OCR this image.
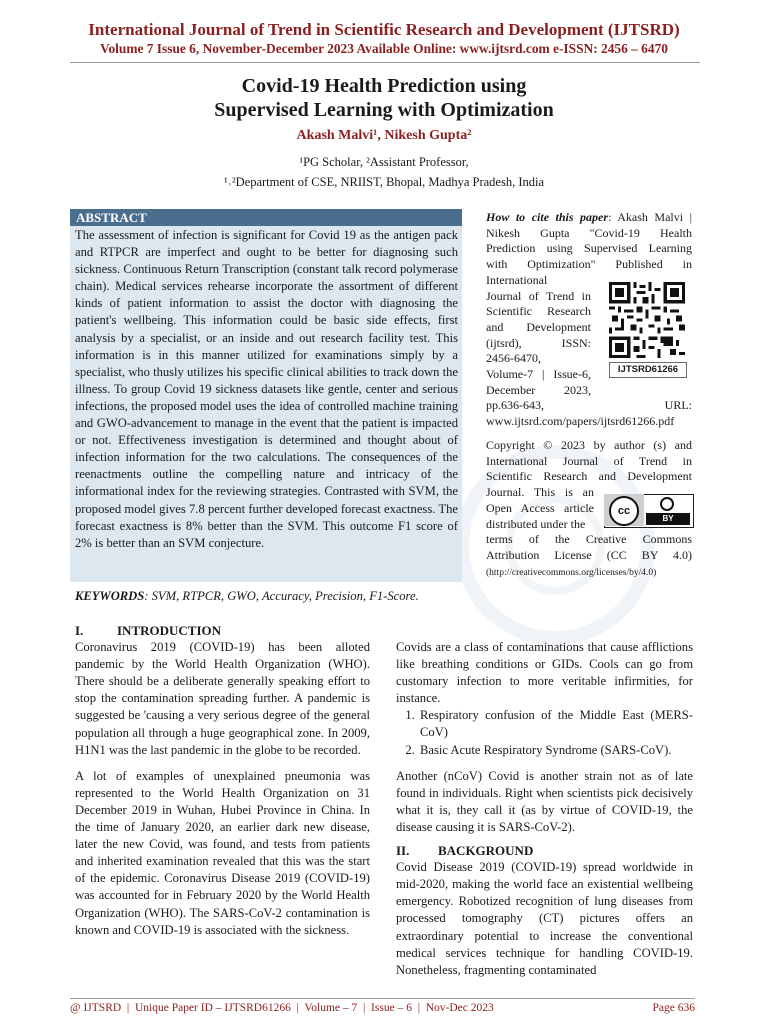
International Journal of Trend in Scientific Research and Development (IJTSRD)
Volume 7 Issue 6, November-December 2023 Available Online: www.ijtsrd.com e-ISSN: 2456 – 6470
Covid-19 Health Prediction using
Supervised Learning with Optimization
Akash Malvi¹, Nikesh Gupta²
¹PG Scholar, ²Assistant Professor,
¹˒²Department of CSE, NRIIST, Bhopal, Madhya Pradesh, India
ABSTRACT
The assessment of infection is significant for Covid 19 as the antigen pack and RTPCR are imperfect and ought to be better for diagnosing such sickness. Continuous Return Transcription (constant talk record polymerase chain). Medical services rehearse incorporate the assortment of different kinds of patient information to assist the doctor with diagnosing the patient's wellbeing. This information could be basic side effects, first analysis by a specialist, or an inside and out research facility test. This information is in this manner utilized for examinations simply by a specialist, who thusly utilizes his specific clinical abilities to track down the illness. To group Covid 19 sickness datasets like gentle, center and serious infections, the proposed model uses the idea of controlled machine training and GWO-advancement to manage in the event that the patient is impacted or not. Effectiveness investigation is determined and thought about of infection information for the two calculations. The consequences of the reenactments outline the compelling nature and intricacy of the informational index for the reviewing strategies. Contrasted with SVM, the proposed model gives 7.8 percent further developed forecast exactness. The forecast exactness is 8% better than the SVM. This outcome F1 score of 2% is better than an SVM conjecture.
How to cite this paper: Akash Malvi |
Nikesh Gupta "Covid-19 Health
Prediction using Supervised Learning
with Optimization" Published in
International
Journal of Trend in
Scientific Research
and Development
(ijtsrd), ISSN:
2456-6470,
Volume-7 | Issue-6,
December 2023,
pp.636-643, URL:
www.ijtsrd.com/papers/ijtsrd61266.pdf
IJTSRD61266
Copyright © 2023 by author (s) and
International Journal of Trend in
Scientific Research and Development
Journal. This is an
Open Access article
distributed under the
terms of the Creative Commons
Attribution License (CC BY 4.0)
(http://creativecommons.org/licenses/by/4.0)
cc
BY
KEYWORDS: SVM, RTPCR, GWO, Accuracy, Precision, F1-Score.
I.	INTRODUCTION

Coronavirus 2019 (COVID-19) has been alloted pandemic by the World Health Organization (WHO). There should be a deliberate generally speaking effort to stop the contamination spreading further. A pandemic is suggested be 'causing a very serious degree of the general population all through a huge geographical zone. In 2009, H1N1 was the last pandemic in the globe to be recorded.

A lot of examples of unexplained pneumonia was represented to the World Health Organization on 31 December 2019 in Wuhan, Hubei Province in China. In the time of January 2020, an earlier dark new disease, later the new Covid, was found, and tests from patients and inherited examination revealed that this was the start of the epidemic. Coronavirus Disease 2019 (COVID-19) was accounted for in February 2020 by the World Health Organization (WHO). The SARS-CoV-2 contamination is known and COVID-19 is associated with the sickness.

Covids are a class of contaminations that cause afflictions like breathing conditions or GIDs. Cools can go from customary infection to more veritable infirmities, for instance.

1. Respiratory confusion of the Middle East (MERS-CoV)
2. Basic Acute Respiratory Syndrome (SARS-CoV).

Another (nCoV) Covid is another strain not as of late found in individuals. Right when scientists pick decisively what it is, they call it (as by virtue of COVID-19, the disease causing it is SARS-CoV-2).

II. BACKGROUND

Covid Disease 2019 (COVID-19) spread worldwide in mid-2020, making the world face an existential wellbeing emergency. Robotized recognition of lung diseases from processed tomography (CT) pictures offers an extraordinary potential to increase the conventional medical services technique for handling COVID-19. Nonetheless, fragmenting contaminated

@ IJTSRD  |  Unique Paper ID – IJTSRD61266  |  Volume – 7  |  Issue – 6  |  Nov-Dec 2023	Page 636
